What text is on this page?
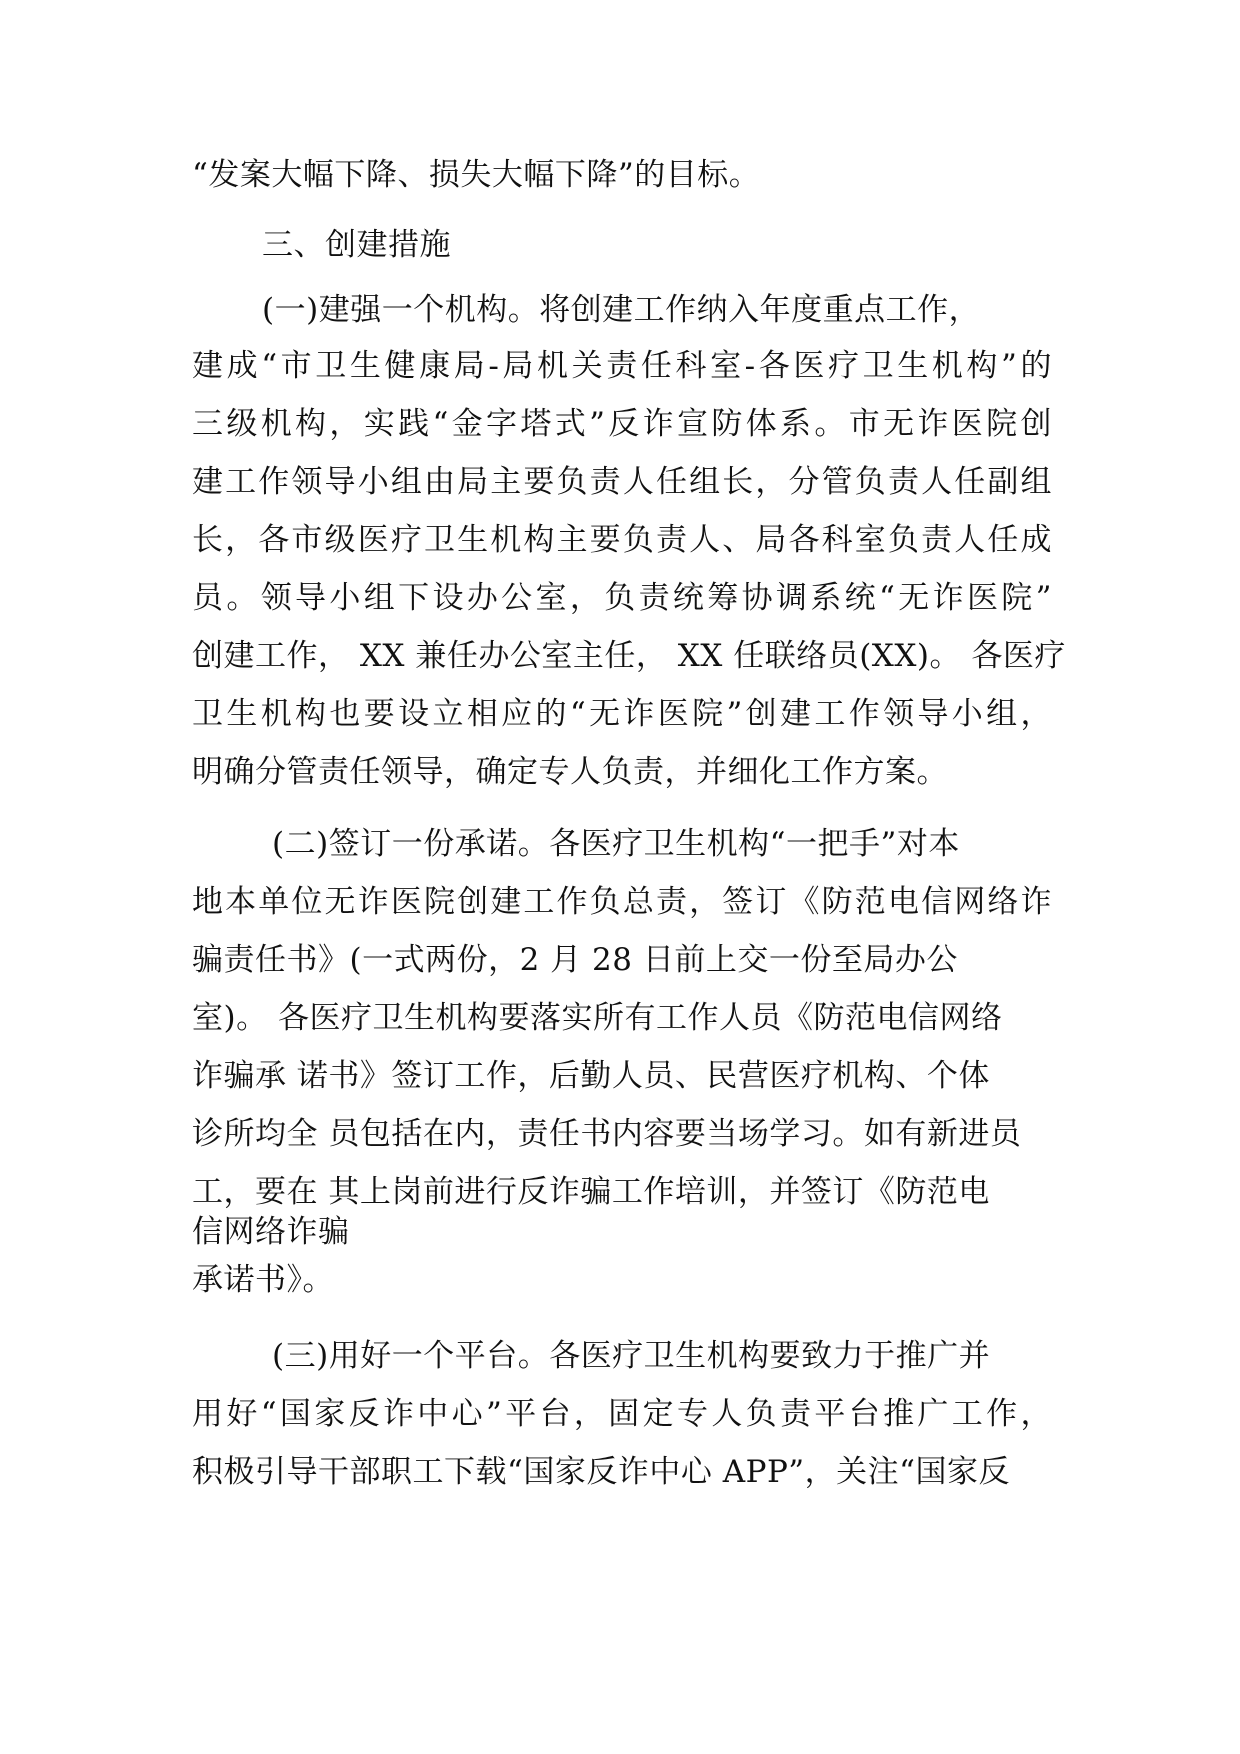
“发案大幅下降、损失大幅下降”的目标。
三、创建措施
(一)建强一个机构。将创建工作纳入年度重点工作，
建成“市卫生健康局-局机关责任科室-各医疗卫生机构”的
三级机构，实践“金字塔式”反诈宣防体系。市无诈医院创
建工作领导小组由局主要负责人任组长，分管负责人任副组
长，各市级医疗卫生机构主要负责人、局各科室负责人任成
员。领导小组下设办公室，负责统筹协调系统“无诈医院”
创建工作， XX 兼任办公室主任， XX 任联络员(XX)。 各医疗
卫生机构也要设立相应的“无诈医院”创建工作领导小组，
明确分管责任领导，确定专人负责，并细化工作方案。
(二)签订一份承诺。各医疗卫生机构“一把手”对本
地本单位无诈医院创建工作负总责，签订《防范电信网络诈
骗责任书》(一式两份，2 月 28 日前上交一份至局办公
室)。 各医疗卫生机构要落实所有工作人员《防范电信网络
诈骗承 诺书》签订工作，后勤人员、民营医疗机构、个体
诊所均全 员包括在内，责任书内容要当场学习。如有新进员
工，要在 其上岗前进行反诈骗工作培训，并签订《防范电
信网络诈骗
承诺书》。
(三)用好一个平台。各医疗卫生机构要致力于推广并
用好“国家反诈中心”平台，固定专人负责平台推广工作，
积极引导干部职工下载“国家反诈中心 APP”，关注“国家反
